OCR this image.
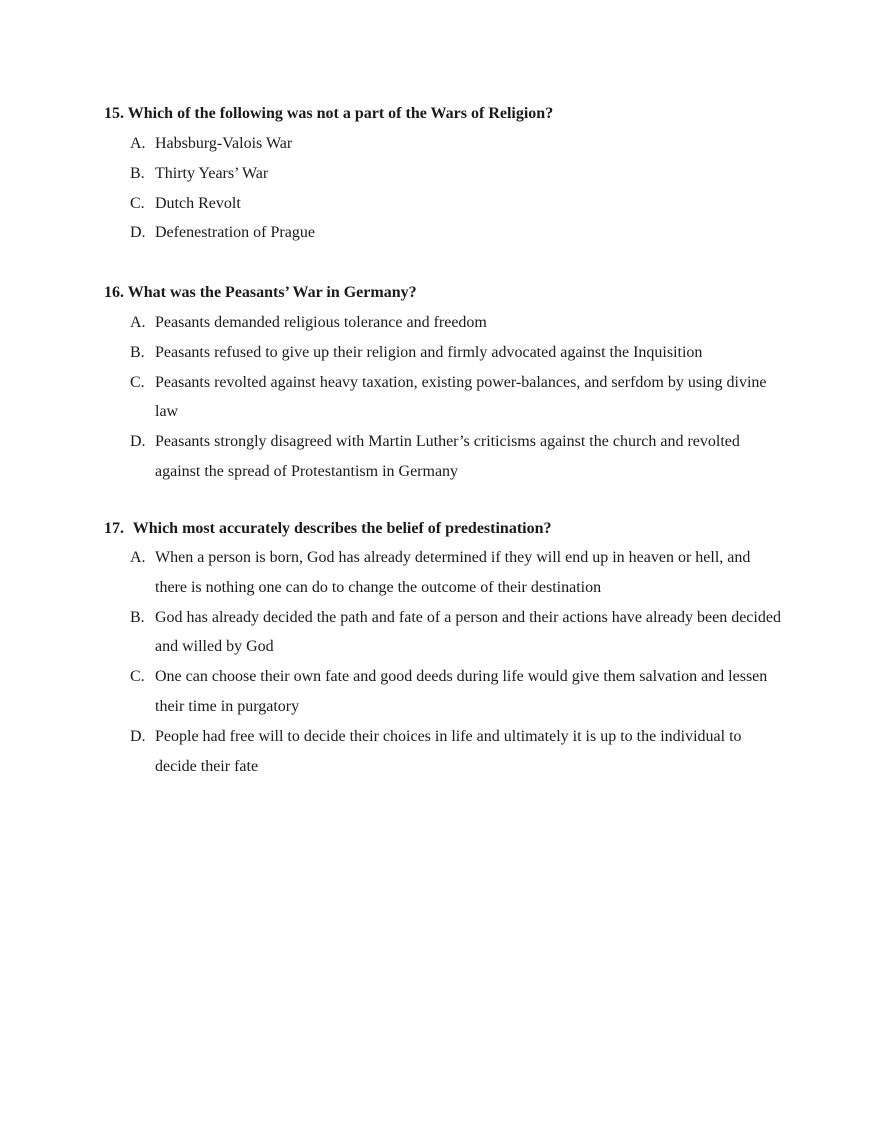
15. Which of the following was not a part of the Wars of Religion?
A. Habsburg-Valois War
B. Thirty Years’ War
C. Dutch Revolt
D. Defenestration of Prague
16. What was the Peasants’ War in Germany?
A. Peasants demanded religious tolerance and freedom
B. Peasants refused to give up their religion and firmly advocated against the Inquisition
C. Peasants revolted against heavy taxation, existing power-balances, and serfdom by using divine law
D. Peasants strongly disagreed with Martin Luther’s criticisms against the church and revolted against the spread of Protestantism in Germany
17. Which most accurately describes the belief of predestination?
A. When a person is born, God has already determined if they will end up in heaven or hell, and there is nothing one can do to change the outcome of their destination
B. God has already decided the path and fate of a person and their actions have already been decided and willed by God
C. One can choose their own fate and good deeds during life would give them salvation and lessen their time in purgatory
D. People had free will to decide their choices in life and ultimately it is up to the individual to decide their fate
